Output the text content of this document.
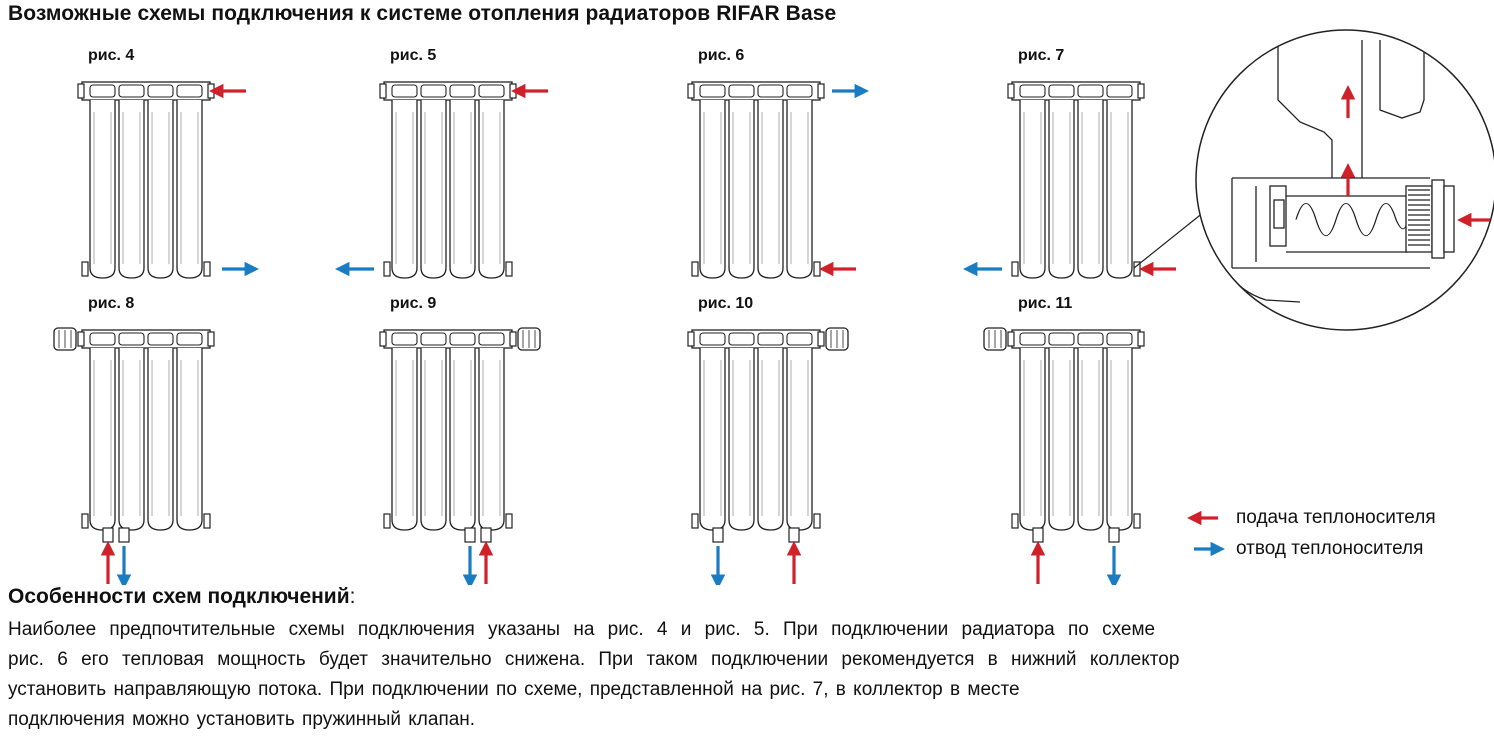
Возможные схемы подключения к системе отопления радиаторов RIFAR Base
рис. 4	рис. 5	рис. 6	рис. 7
рис. 8	рис. 9	рис. 10	рис. 11
подача теплоносителя
отвод теплоносителя
Особенности схем подключений:
Наиболее предпочтительные схемы подключения указаны на рис. 4 и рис. 5. При подключении радиатора по схеме
рис. 6 его тепловая мощность будет значительно снижена. При таком подключении рекомендуется в нижний коллектор
установить направляющую потока. При подключении по схеме, представленной на рис. 7, в коллектор в месте
подключения можно установить пружинный клапан.
